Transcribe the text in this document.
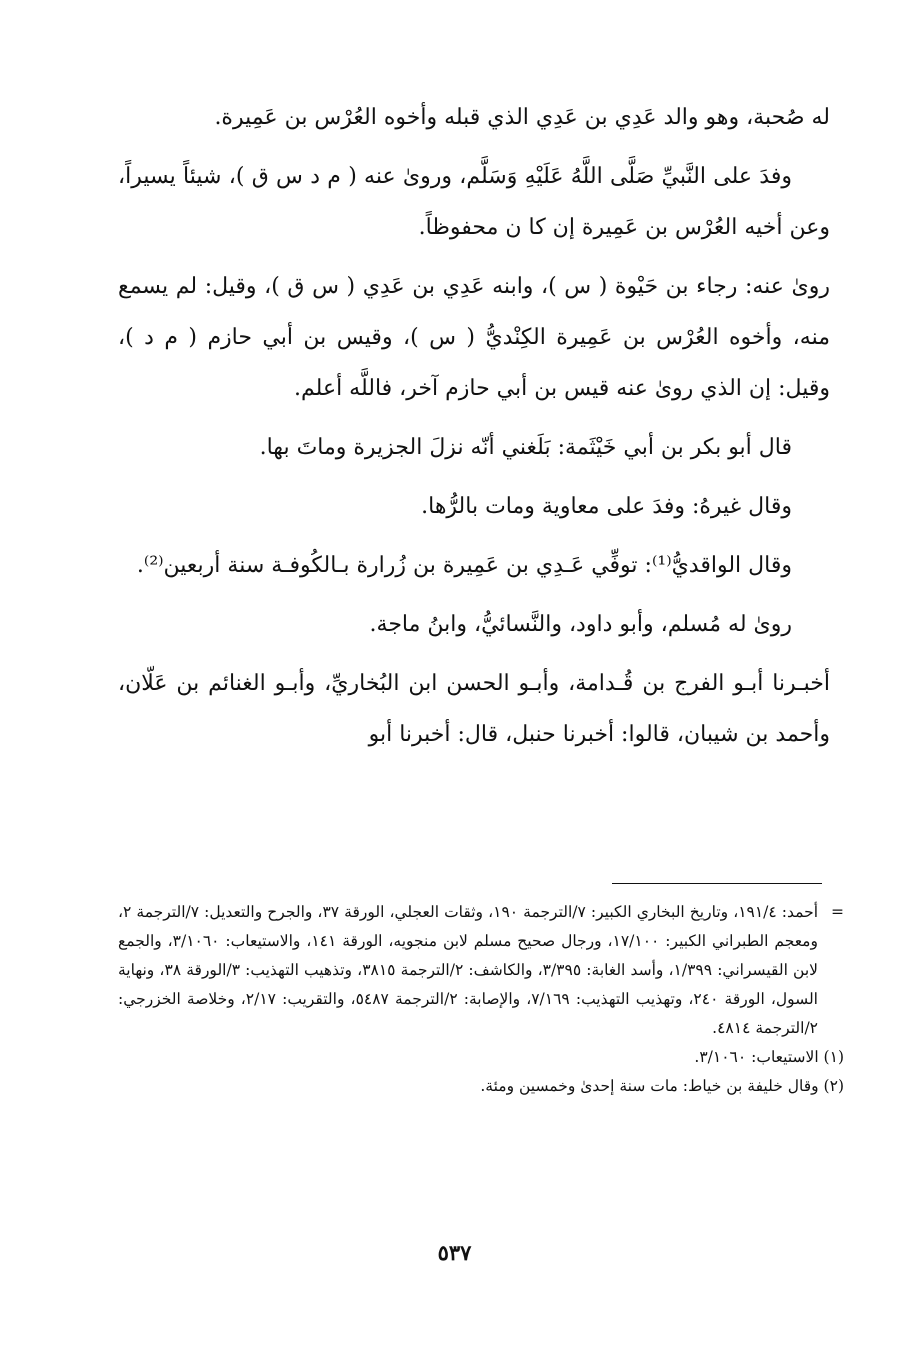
له صُحبة، وهو والد عَدِي بن عَدِي الذي قبله وأخوه العُرْس بن عَمِيرة.

وفدَ على النَّبيِّ صَلَّى اللَّهُ عَلَيْهِ وَسَلَّم، وروىٰ عنه ( م د س ق )، شيئاً يسيراً، وعن أخيه العُرْس بن عَمِيرة إن كا ن محفوظاً.

روىٰ عنه: رجاء بن حَيْوة ( س )، وابنه عَدِي بن عَدِي ( س ق )، وقيل: لم يسمع منه، وأخوه العُرْس بن عَمِيرة الكِنْديُّ ( س )، وقيس بن أبي حازم ( م د )، وقيل: إن الذي روىٰ عنه قيس بن أبي حازم آخر، فاللَّه أعلم.

قال أبو بكر بن أبي خَيْثَمة: بَلَغني أنّه نزلَ الجزيرة وماتَ بها.

وقال غيرهُ: وفدَ على معاوية ومات بالرُّها.

وقال الواقديُّ⁽¹⁾: توفِّي عَـدِي بن عَمِيرة بن زُرارة بـالكُوفـة سنة أربعين⁽²⁾.

روىٰ له مُسلم، وأبو داود، والنَّسائيُّ، وابنُ ماجة.

أخبـرنا أبـو الفرج بن قُـدامة، وأبـو الحسن ابن البُخاريِّ، وأبـو الغنائم بن عَلّان، وأحمد بن شيبان، قالوا: أخبرنا حنبل، قال: أخبرنا أبو

=
أحمد: ١٩١/٤، وتاريخ البخاري الكبير: ٧/الترجمة ١٩٠، وثقات العجلي، الورقة ٣٧، والجرح والتعديل: ٧/الترجمة ٢، ومعجم الطبراني الكبير: ١٧/١٠٠، ورجال صحيح مسلم لابن منجويه، الورقة ١٤١، والاستيعاب: ٣/١٠٦٠، والجمع لابن القيسراني: ١/٣٩٩، وأسد الغابة: ٣/٣٩٥، والكاشف: ٢/الترجمة ٣٨١٥، وتذهيب التهذيب: ٣/الورقة ٣٨، ونهاية السول، الورقة ٢٤٠، وتهذيب التهذيب: ٧/١٦٩، والإصابة: ٢/الترجمة ٥٤٨٧، والتقريب: ٢/١٧، وخلاصة الخزرجي: ٢/الترجمة ٤٨١٤.

(١) الاستيعاب: ٣/١٠٦٠.

(٢) وقال خليفة بن خياط: مات سنة إحدىٰ وخمسين ومئة.

٥٣٧
